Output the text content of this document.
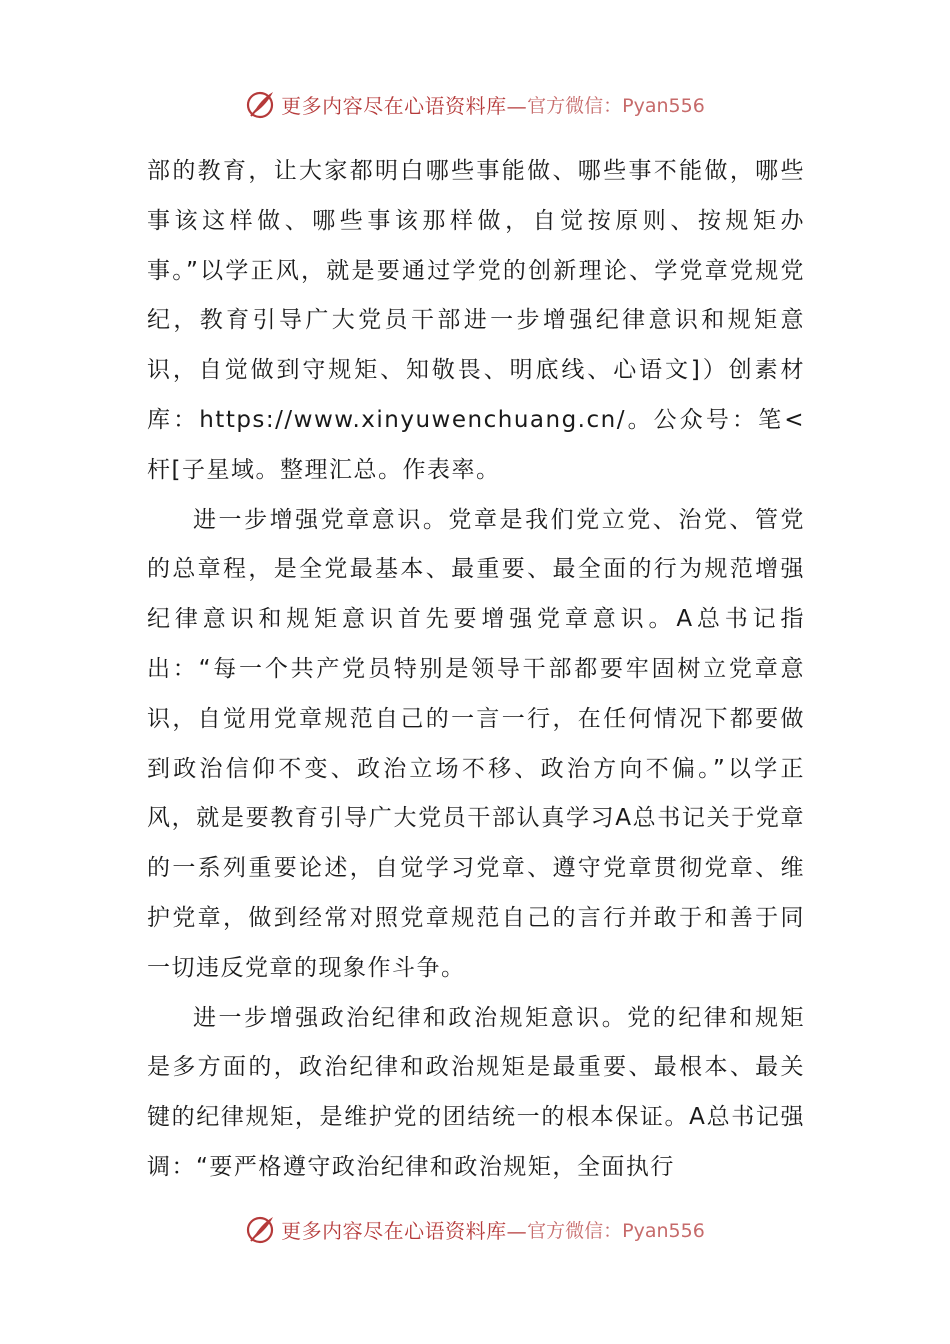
更多内容尽在心语资料库— 官方微信：Pyan556

部的教育，让大家都明白哪些事能做、哪些事不能做，哪些事该这样做、哪些事该那样做，自觉按原则、按规矩办事。”以学正风，就是要通过学党的创新理论、学党章党规党纪，教育引导广大党员干部进一步增强纪律意识和规矩意识，自觉做到守规矩、知敬畏、明底线、心语文]）创素材库：https://www.xinyuwenchuang.cn/。公众号：笔<杆[子星域。整理汇总。作表率。

进一步增强党章意识。党章是我们党立党、治党、管党的总章程，是全党最基本、最重要、最全面的行为规范增强纪律意识和规矩意识首先要增强党章意识。A总书记指出：“每一个共产党员特别是领导干部都要牢固树立党章意识，自觉用党章规范自己的一言一行，在任何情况下都要做到政治信仰不变、政治立场不移、政治方向不偏。”以学正风，就是要教育引导广大党员干部认真学习A总书记关于党章的一系列重要论述，自觉学习党章、遵守党章贯彻党章、维护党章，做到经常对照党章规范自己的言行并敢于和善于同一切违反党章的现象作斗争。

进一步增强政治纪律和政治规矩意识。党的纪律和规矩是多方面的，政治纪律和政治规矩是最重要、最根本、最关键的纪律规矩，是维护党的团结统一的根本保证。A总书记强调：“要严格遵守政治纪律和政治规矩，全面执行

更多内容尽在心语资料库— 官方微信：Pyan556
